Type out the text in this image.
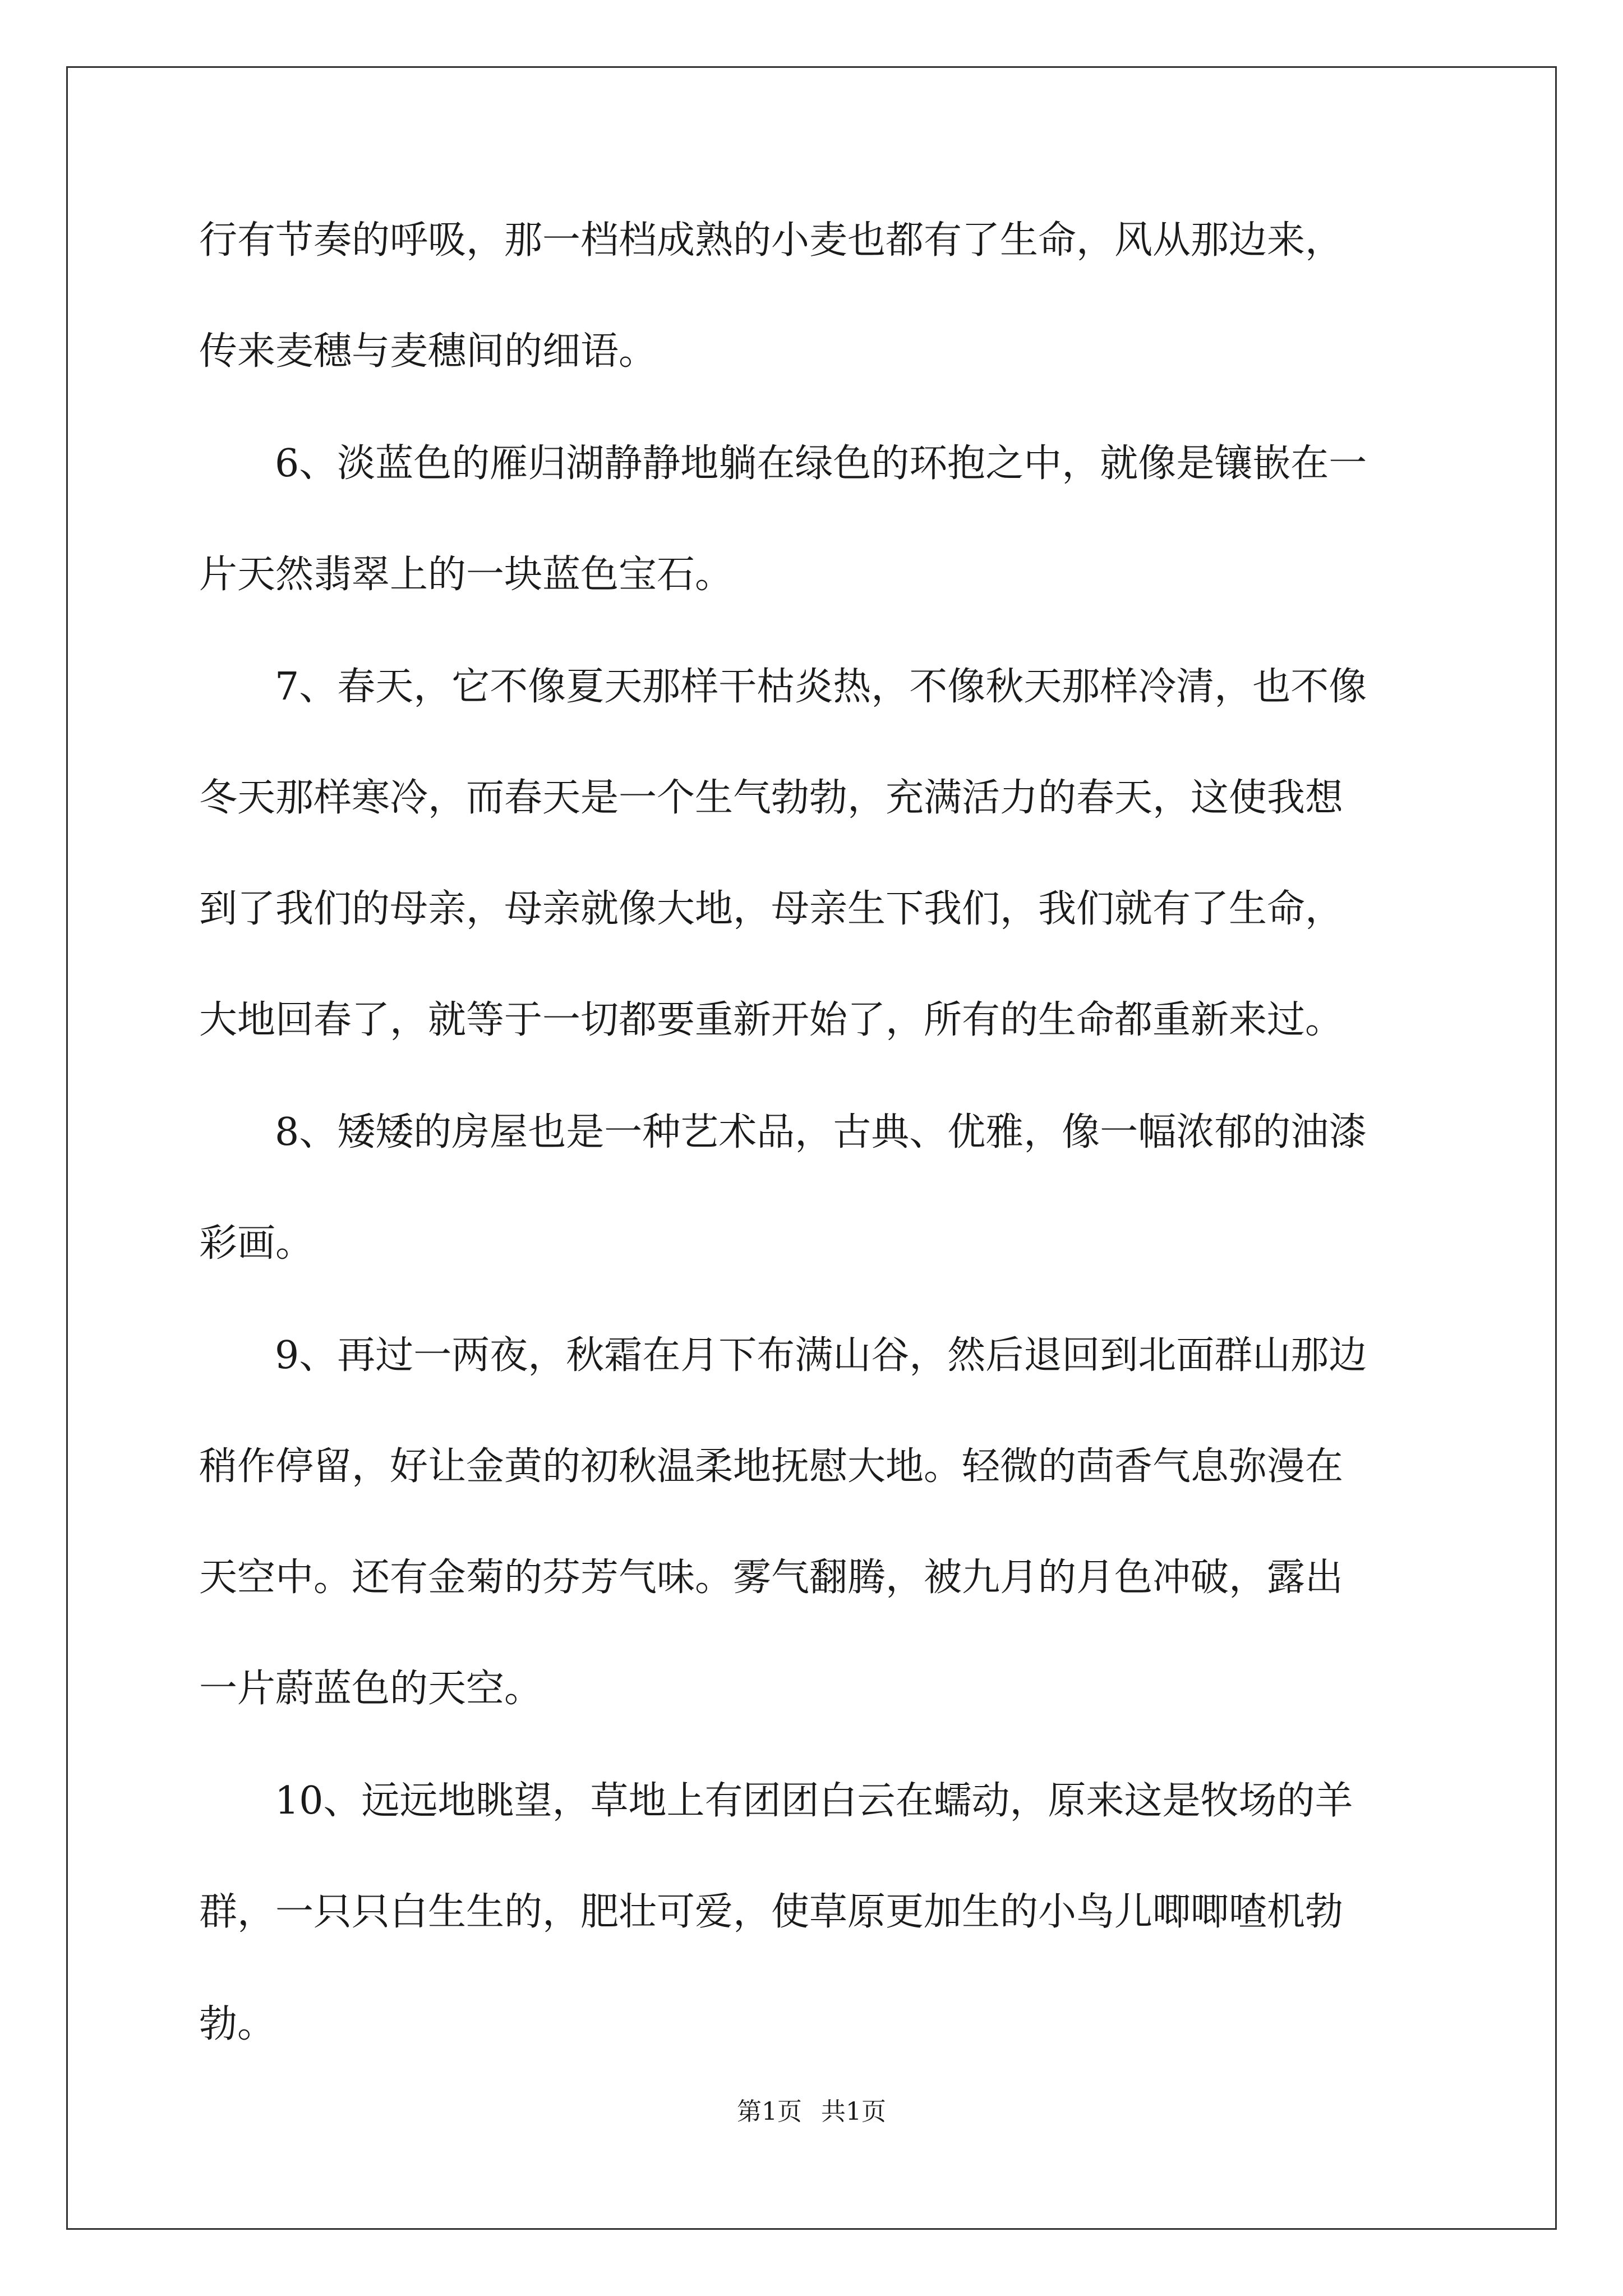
行有节奏的呼吸，那一档档成熟的小麦也都有了生命，风从那边来，
传来麦穗与麦穗间的细语。
6、淡蓝色的雁归湖静静地躺在绿色的环抱之中，就像是镶嵌在一
片天然翡翠上的一块蓝色宝石。
7、春天，它不像夏天那样干枯炎热，不像秋天那样冷清，也不像
冬天那样寒冷，而春天是一个生气勃勃，充满活力的春天，这使我想
到了我们的母亲，母亲就像大地，母亲生下我们，我们就有了生命，
大地回春了，就等于一切都要重新开始了，所有的生命都重新来过。
8、矮矮的房屋也是一种艺术品，古典、优雅，像一幅浓郁的油漆
彩画。
9、再过一两夜，秋霜在月下布满山谷，然后退回到北面群山那边
稍作停留，好让金黄的初秋温柔地抚慰大地。轻微的茴香气息弥漫在
天空中。还有金菊的芬芳气味。雾气翻腾，被九月的月色冲破，露出
一片蔚蓝色的天空。
10、远远地眺望，草地上有团团白云在蠕动，原来这是牧场的羊
群，一只只白生生的，肥壮可爱，使草原更加生的小鸟儿唧唧喳机勃
勃。
第1页 共1页
